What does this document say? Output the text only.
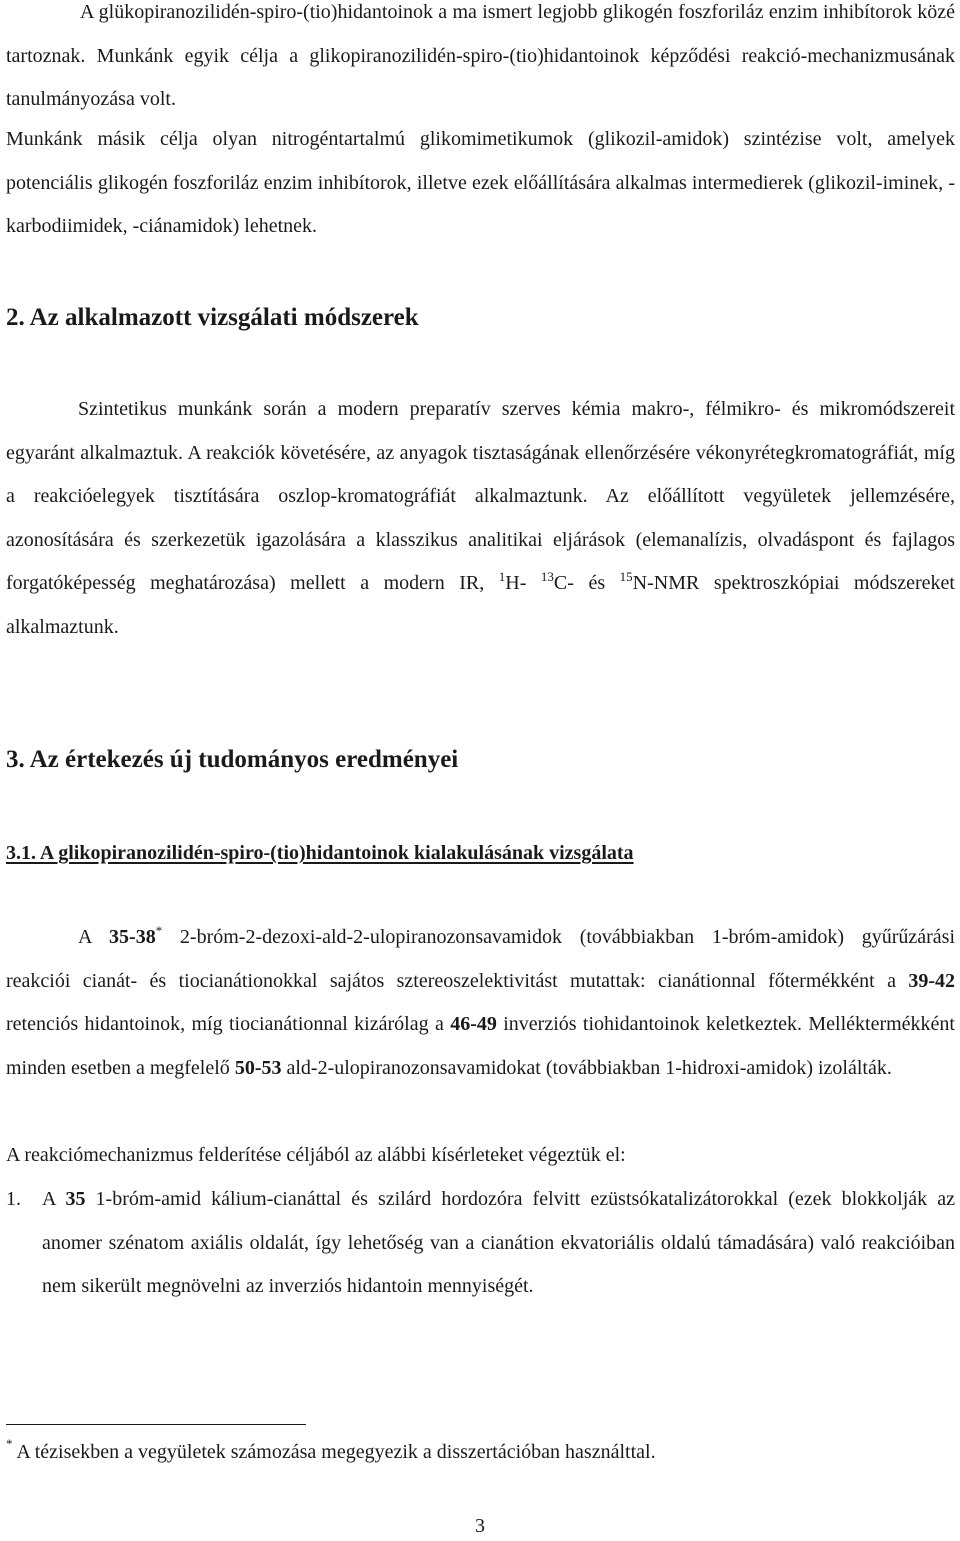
A glükopiranozilidén-spiro-(tio)hidantoinok a ma ismert legjobb glikogén foszforiláz enzim inhibítorok közé tartoznak. Munkánk egyik célja a glikopiranozilidén-spiro-(tio)hidantoinok képződési reakció-mechanizmusának tanulmányozása volt.

Munkánk másik célja olyan nitrogéntartalmú glikomimetikumok (glikozil-amidok) szintézise volt, amelyek potenciális glikogén foszforiláz enzim inhibítorok, illetve ezek előállítására alkalmas intermedierek (glikozil-iminek, -karbodiimidek, -ciánamidok) lehetnek.

2. Az alkalmazott vizsgálati módszerek

Szintetikus munkánk során a modern preparatív szerves kémia makro-, félmikro- és mikromódszereit egyaránt alkalmaztuk. A reakciók követésére, az anyagok tisztaságának ellenőrzésére vékonyrétegkromatográfiát, míg a reakcióelegyek tisztítására oszlop-kromatográfiát alkalmaztunk. Az előállított vegyületek jellemzésére, azonosítására és szerkezetük igazolására a klasszikus analitikai eljárások (elemanalízis, olvadáspont és fajlagos forgatóképesség meghatározása) mellett a modern IR, $^1$H- $^{13}$C- és $^{15}$N-NMR spektroszkópiai módszereket alkalmaztunk.

3. Az értekezés új tudományos eredményei
3.1. A glikopiranozilidén-spiro-(tio)hidantoinok kialakulásának vizsgálata

A 35-38* 2-bróm-2-dezoxi-ald-2-ulopiranozonsavamidok (továbbiakban 1-bróm-amidok) gyűrűzárási reakciói cianát- és tiocianátionokkal sajátos sztereoszelektivitást mutattak: cianátionnal főtermékként a 39-42 retenciós hidantoinok, míg tiocianátionnal kizárólag a 46-49 inverziós tiohidantoinok keletkeztek. Melléktermékként minden esetben a megfelelő 50-53 ald-2-ulopiranozonsavamidokat (továbbiakban 1-hidroxi-amidok) izolálták.

A reakciómechanizmus felderítése céljából az alábbi kísérleteket végeztük el:

1. A 35 1-bróm-amid kálium-cianáttal és szilárd hordozóra felvitt ezüstsókatalizátorokkal (ezek blokkolják az anomer szénatom axiális oldalát, így lehetőség van a cianátion ekvatoriális oldalú támadására) való reakcióiban nem sikerült megnövelni az inverziós hidantoin mennyiségét.

* A tézisekben a vegyületek számozása megegyezik a disszertációban használttal.

3
